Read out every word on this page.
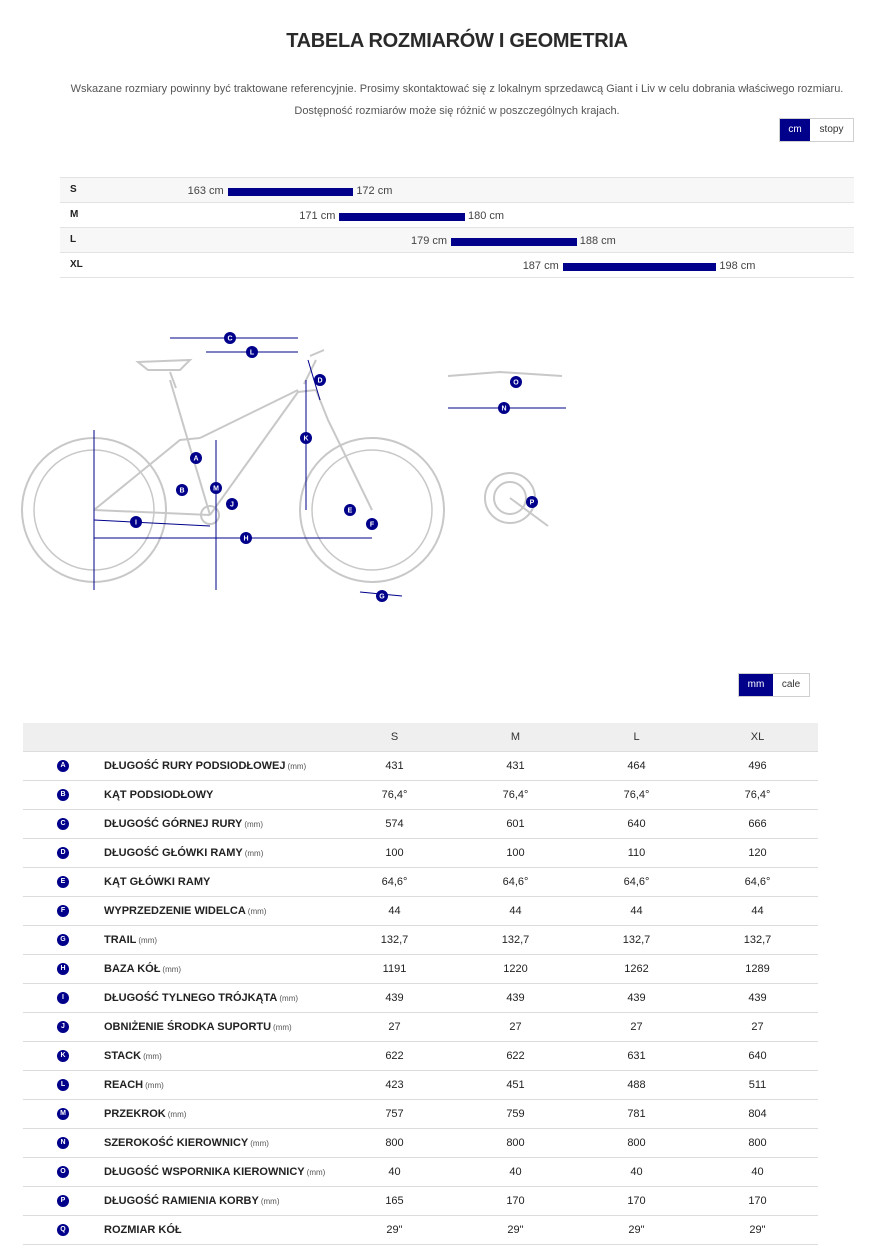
TABELA ROZMIARÓW I GEOMETRIA
Wskazane rozmiary powinny być traktowane referencyjnie. Prosimy skontaktować się z lokalnym sprzedawcą Giant i Liv w celu dobrania właściwego rozmiaru.
Dostępność rozmiarów może się różnić w poszczególnych krajach.
cm	stopy
S	163 cm	172 cm
M	171 cm	180 cm
L	179 cm	188 cm
XL	187 cm	198 cm
A
B
C
D
E
F
G
H
I
J
K
L
M
N
O
P
mm	cale
		S	M	L	XL
A	DŁUGOŚĆ RURY PODSIODŁOWEJ (mm)	431	431	464	496
B	KĄT PODSIODŁOWY	76,4°	76,4°	76,4°	76,4°
C	DŁUGOŚĆ GÓRNEJ RURY (mm)	574	601	640	666
D	DŁUGOŚĆ GŁÓWKI RAMY (mm)	100	100	110	120
E	KĄT GŁÓWKI RAMY	64,6°	64,6°	64,6°	64,6°
F	WYPRZEDZENIE WIDELCA (mm)	44	44	44	44
G	TRAIL (mm)	132,7	132,7	132,7	132,7
H	BAZA KÓŁ (mm)	1191	1220	1262	1289
I	DŁUGOŚĆ TYLNEGO TRÓJKĄTA (mm)	439	439	439	439
J	OBNIŻENIE ŚRODKA SUPORTU (mm)	27	27	27	27
K	STACK (mm)	622	622	631	640
L	REACH (mm)	423	451	488	511
M	PRZEKROK (mm)	757	759	781	804
N	SZEROKOŚĆ KIEROWNICY (mm)	800	800	800	800
O	DŁUGOŚĆ WSPORNIKA KIEROWNICY (mm)	40	40	40	40
P	DŁUGOŚĆ RAMIENIA KORBY (mm)	165	170	170	170
Q	ROZMIAR KÓŁ	29"	29"	29"	29"
